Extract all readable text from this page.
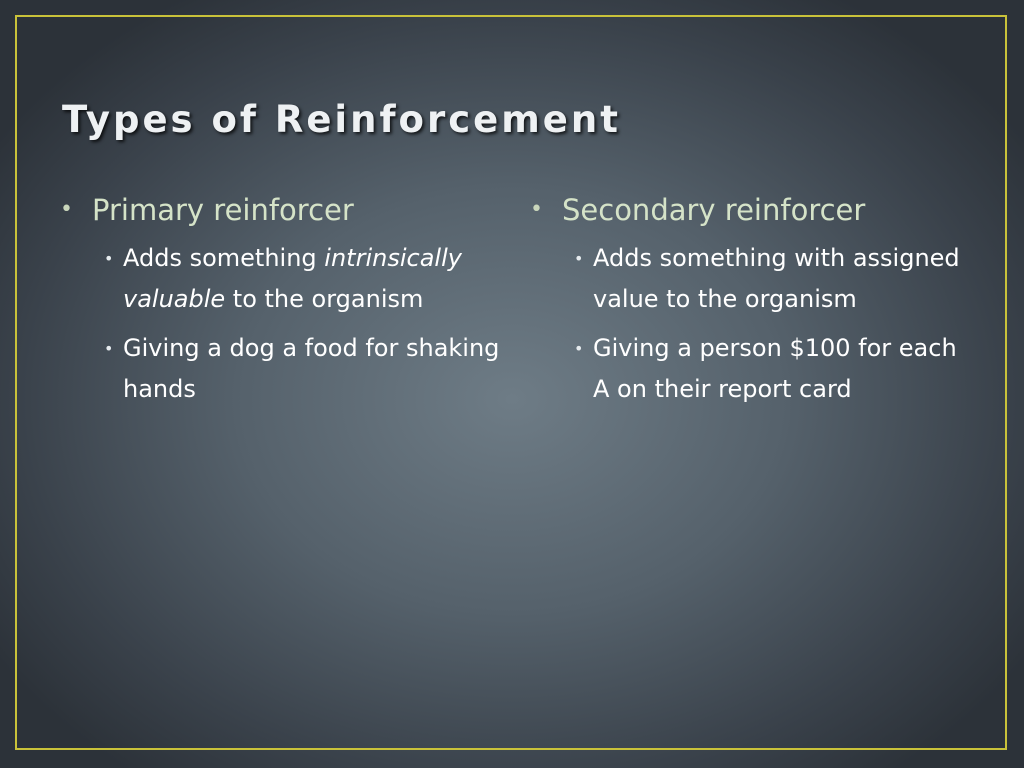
Types of Reinforcement
• Primary reinforcer
• Adds something intrinsically valuable to the organism
• Giving a dog a food for shaking hands
• Secondary reinforcer
• Adds something with assigned value to the organism
• Giving a person $100 for each A on their report card
